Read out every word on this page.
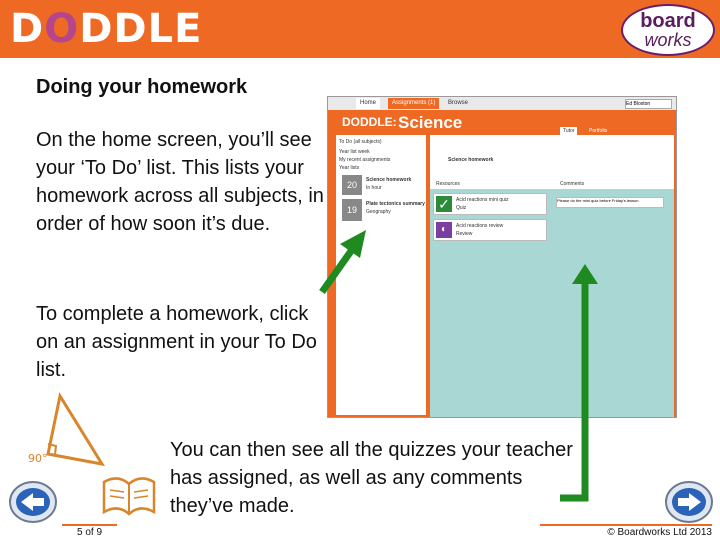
DODDLE	board
works
Doing your homework
On the home screen, you’ll see your ‘To Do’ list. This lists your homework across all subjects, in order of how soon it’s due.
To complete a homework, click on an assignment in your To Do list.
You can then see all the quizzes your teacher has assigned, as well as any comments they’ve made.
Home	Assignments (1)	Browse	Ed Bloxton
DODDLE: Science	Tutor	Portfolio
To Do (all subjects)
Year list week
My recent assignments
Year lists
20	Science homework
In hour
19
Plate tectonics summary
Geography
Science homework
Resources	Comments
✓	Acid reactions mini quiz
Quiz
◐	Acid reactions review
Review
Please do the mini quiz before Friday's lesson
90°
5 of 9	© Boardworks Ltd 2013
